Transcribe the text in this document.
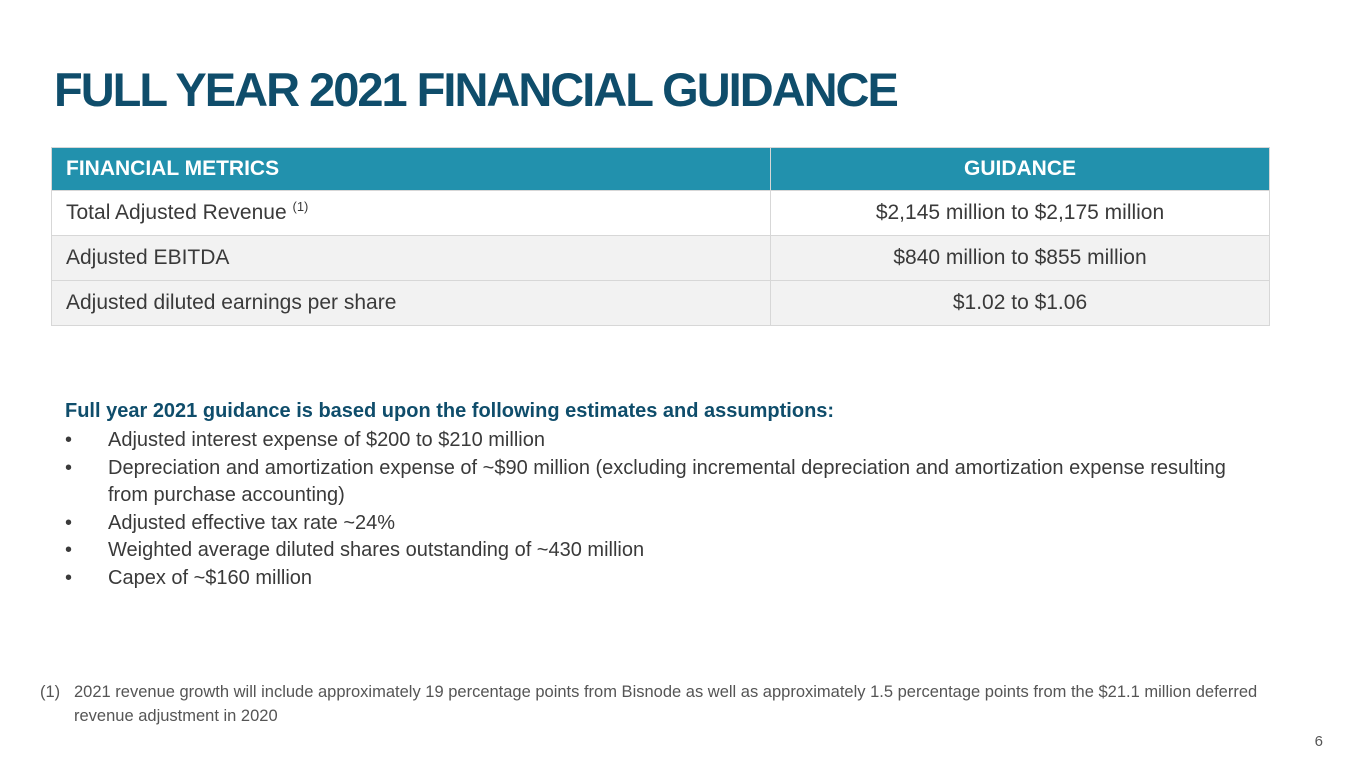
FULL YEAR 2021 FINANCIAL GUIDANCE
FINANCIAL METRICS	GUIDANCE
Total Adjusted Revenue $^{(1)}$	$2,145 million to $2,175 million
Adjusted EBITDA	$840 million to $855 million
Adjusted diluted earnings per share	$1.02 to $1.06

Full year 2021 guidance is based upon the following estimates and assumptions:

• Adjusted interest expense of $200 to $210 million
• Depreciation and amortization expense of ~$90 million (excluding incremental depreciation and amortization expense resulting from purchase accounting)
• Adjusted effective tax rate ~24%
• Weighted average diluted shares outstanding of ~430 million
• Capex of ~$160 million
(1) 2021 revenue growth will include approximately 19 percentage points from Bisnode as well as approximately 1.5 percentage points from the $21.1 million deferred revenue adjustment in 2020
6
